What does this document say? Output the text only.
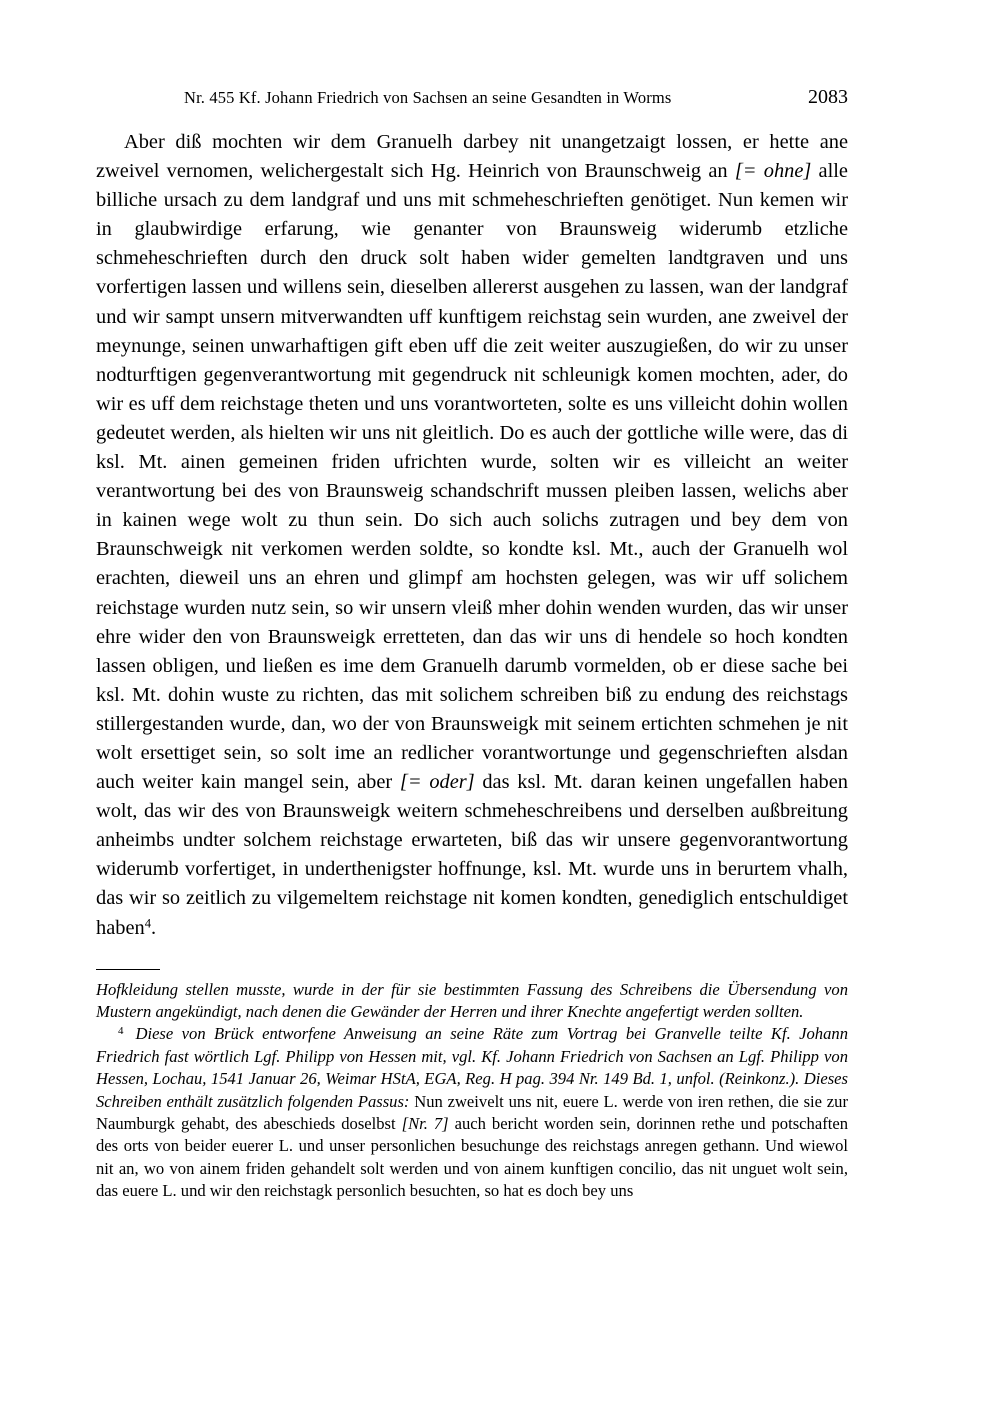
Nr. 455 Kf. Johann Friedrich von Sachsen an seine Gesandten in Worms	2083

Aber diß mochten wir dem Granuelh darbey nit unangetzaigt lossen, er hette ane zweivel vernomen, welichergestalt sich Hg. Heinrich von Braunschweig an [= ohne] alle billiche ursach zu dem landgraf und uns mit schmeheschrieften genötiget. Nun kemen wir in glaubwirdige erfarung, wie genanter von Braunsweig widerumb etzliche schmeheschrieften durch den druck solt haben wider gemelten landtgraven und uns vorfertigen lassen und willens sein, dieselben allererst ausgehen zu lassen, wan der landgraf und wir sampt unsern mitverwandten uff kunftigem reichstag sein wurden, ane zweivel der meynunge, seinen unwarhaftigen gift eben uff die zeit weiter auszugießen, do wir zu unser nodturftigen gegenverantwortung mit gegendruck nit schleunigk komen mochten, ader, do wir es uff dem reichstage theten und uns vorantworteten, solte es uns villeicht dohin wollen gedeutet werden, als hielten wir uns nit gleitlich. Do es auch der gottliche wille were, das di ksl. Mt. ainen gemeinen friden ufrichten wurde, solten wir es villeicht an weiter verantwortung bei des von Braunsweig schandschrift mussen pleiben lassen, welichs aber in kainen wege wolt zu thun sein. Do sich auch solichs zutragen und bey dem von Braunschweigk nit verkomen werden soldte, so kondte ksl. Mt., auch der Granuelh wol erachten, dieweil uns an ehren und glimpf am hochsten gelegen, was wir uff solichem reichstage wurden nutz sein, so wir unsern vleiß mher dohin wenden wurden, das wir unser ehre wider den von Braunsweigk erretteten, dan das wir uns di hendele so hoch kondten lassen obligen, und ließen es ime dem Granuelh darumb vormelden, ob er diese sache bei ksl. Mt. dohin wuste zu richten, das mit solichem schreiben biß zu endung des reichstags stillergestanden wurde, dan, wo der von Braunsweigk mit seinem ertichten schmehen je nit wolt ersettiget sein, so solt ime an redlicher vorantwortunge und gegenschrieften alsdan auch weiter kain mangel sein, aber [= oder] das ksl. Mt. daran keinen ungefallen haben wolt, das wir des von Braunsweigk weitern schmeheschreibens und derselben außbreitung anheimbs undter solchem reichstage erwarteten, biß das wir unsere gegenvorantwortung widerumb vorfertiget, in underthenigster hoffnunge, ksl. Mt. wurde uns in berurtem vhalh, das wir so zeitlich zu vilgemeltem reichstage nit komen kondten, genediglich entschuldiget haben$^4$.

Hofkleidung stellen musste, wurde in der für sie bestimmten Fassung des Schreibens die Übersendung von Mustern angekündigt, nach denen die Gewänder der Herren und ihrer Knechte angefertigt werden sollten.

4 Diese von Brück entworfene Anweisung an seine Räte zum Vortrag bei Granvelle teilte Kf. Johann Friedrich fast wörtlich Lgf. Philipp von Hessen mit, vgl. Kf. Johann Friedrich von Sachsen an Lgf. Philipp von Hessen, Lochau, 1541 Januar 26, Weimar HStA, EGA, Reg. H pag. 394 Nr. 149 Bd. 1, unfol. (Reinkonz.). Dieses Schreiben enthält zusätzlich folgenden Passus: Nun zweivelt uns nit, euere L. werde von iren rethen, die sie zur Naumburgk gehabt, des abeschieds doselbst [Nr. 7] auch bericht worden sein, dorinnen rethe und potschaften des orts von beider euerer L. und unser personlichen besuchunge des reichstags anregen gethann. Und wiewol nit an, wo von ainem friden gehandelt solt werden und von ainem kunftigen concilio, das nit unguet wolt sein, das euere L. und wir den reichstagk personlich besuchten, so hat es doch bey uns
